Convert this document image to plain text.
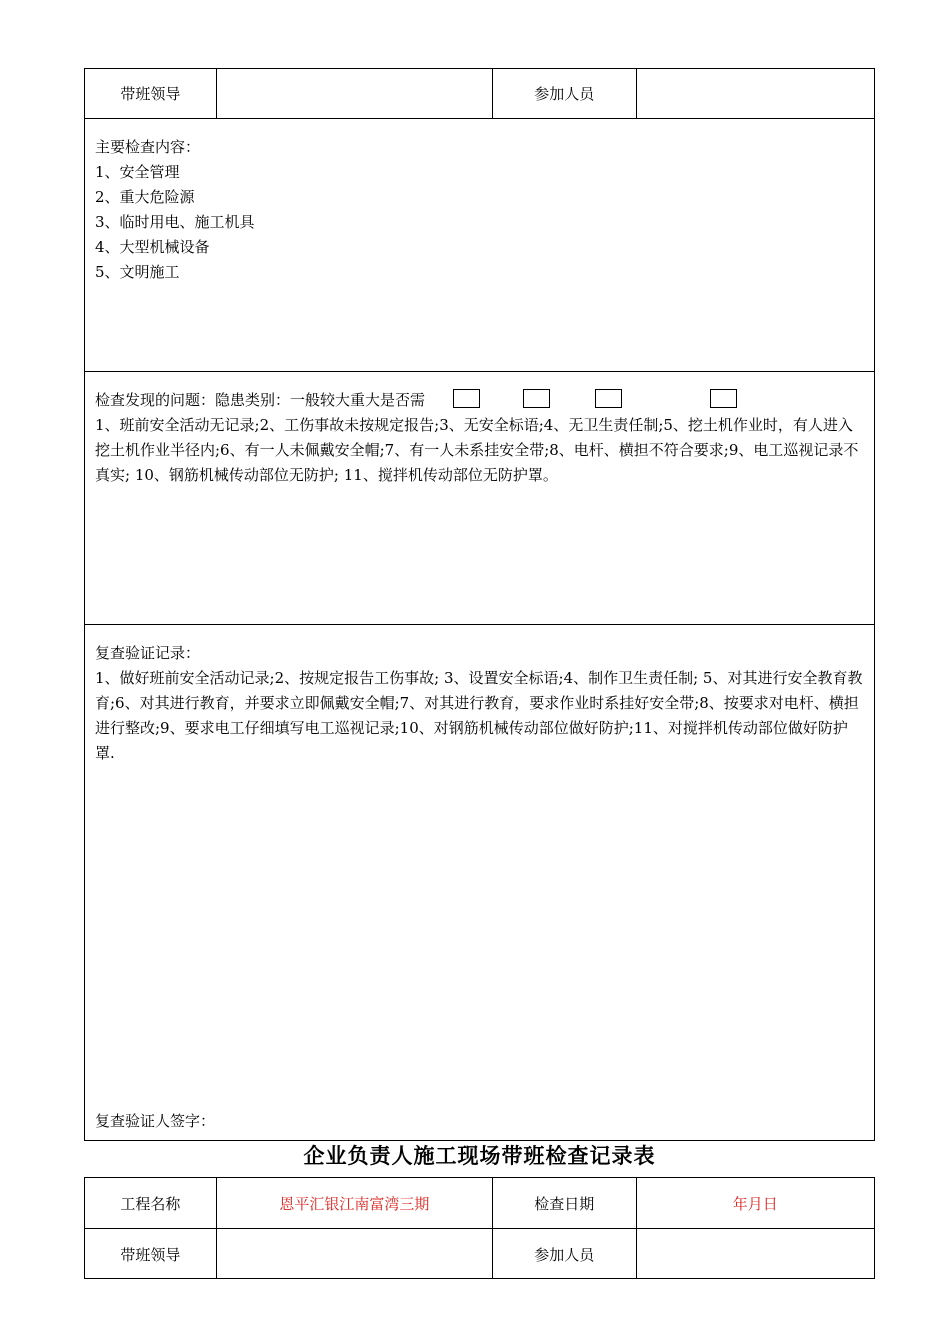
带班领导	参加人员

主要检查内容：

1、安全管理

2、重大危险源

3、临时用电、施工机具

4、大型机械设备

5、文明施工

检查发现的问题：隐患类别：一般较大重大是否需

1、班前安全活动无记录;2、工伤事故未按规定报告;3、无安全标语;4、无卫生责任制;5、挖土机作业时，有人进入挖土机作业半径内;6、有一人未佩戴安全帽;7、有一人未系挂安全带;8、电杆、横担不符合要求;9、电工巡视记录不真实; 10、钢筋机械传动部位无防护; 11、搅拌机传动部位无防护罩。

复查验证记录：

1、做好班前安全活动记录;2、按规定报告工伤事故; 3、设置安全标语;4、制作卫生责任制; 5、对其进行安全教育教育;6、对其进行教育，并要求立即佩戴安全帽;7、对其进行教育，要求作业时系挂好安全带;8、按要求对电杆、横担进行整改;9、要求电工仔细填写电工巡视记录;10、对钢筋机械传动部位做好防护;11、对搅拌机传动部位做好防护罩.

复查验证人签字：

企业负责人施工现场带班检查记录表
工程名称	恩平汇银江南富湾三期	检查日期	年月日
带班领导	参加人员
